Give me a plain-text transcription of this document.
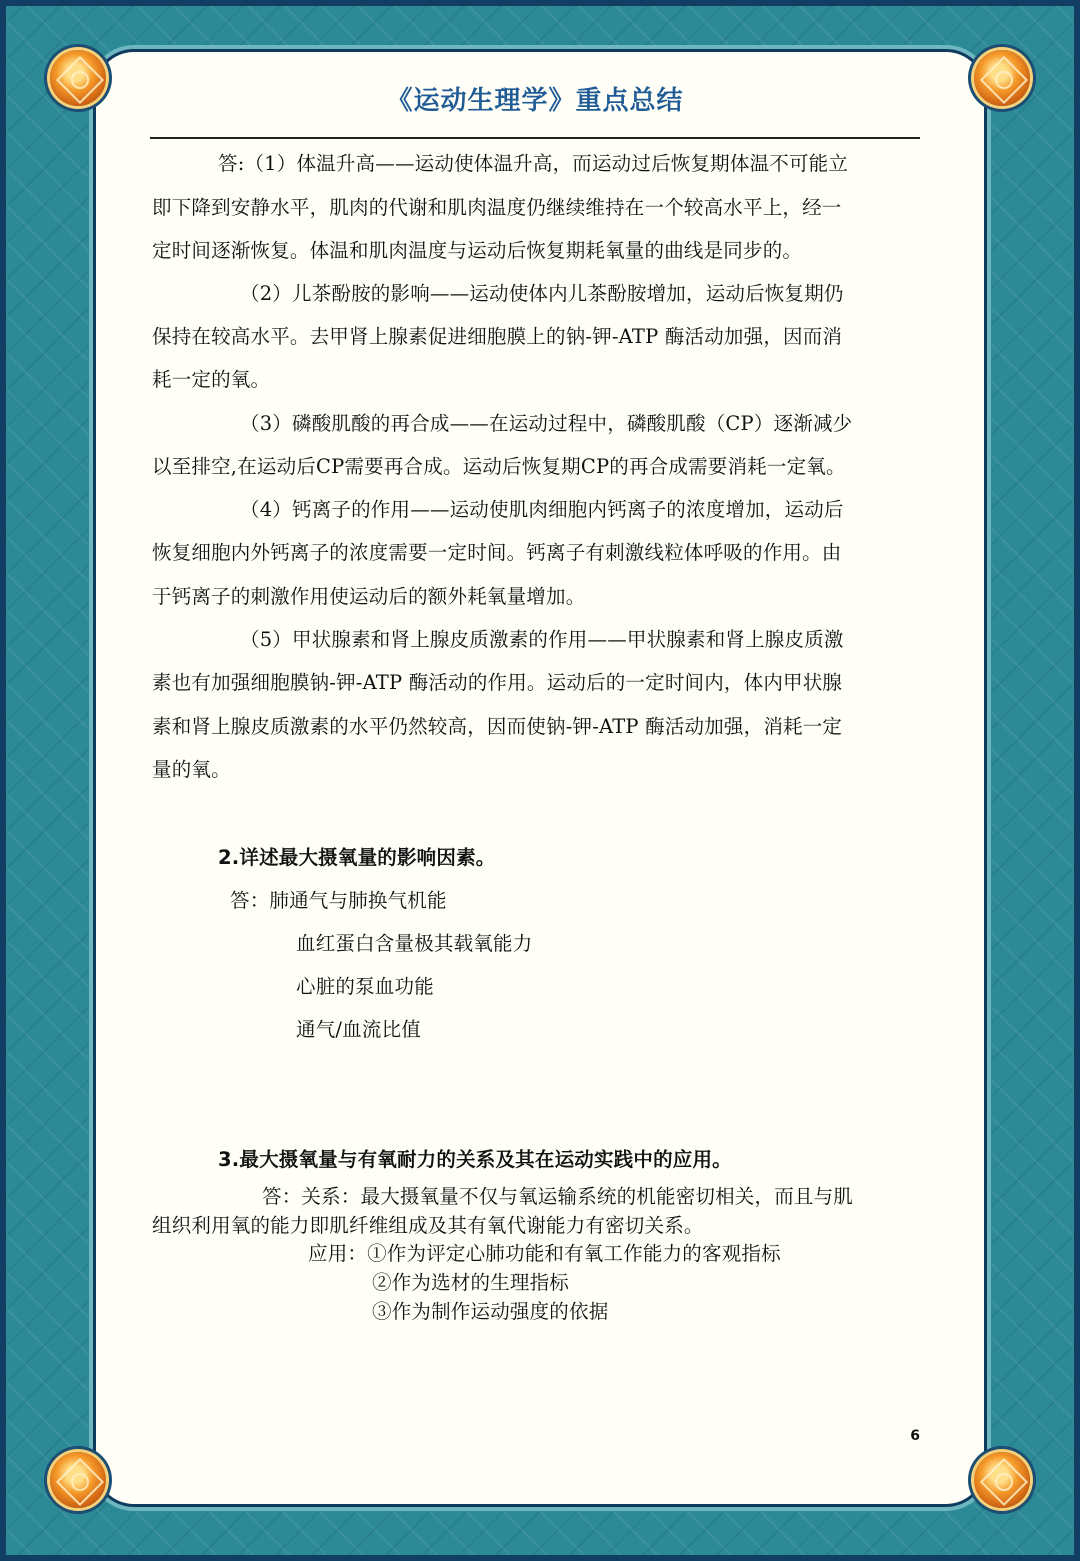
《运动生理学》重点总结
答:（1）体温升高——运动使体温升高，而运动过后恢复期体温不可能立
即下降到安静水平，肌肉的代谢和肌肉温度仍继续维持在一个较高水平上，经一
定时间逐渐恢复。体温和肌肉温度与运动后恢复期耗氧量的曲线是同步的。
（2）儿茶酚胺的影响——运动使体内儿茶酚胺增加，运动后恢复期仍
保持在较高水平。去甲肾上腺素促进细胞膜上的钠-钾-ATP 酶活动加强，因而消
耗一定的氧。
（3）磷酸肌酸的再合成——在运动过程中，磷酸肌酸（CP）逐渐减少
以至排空,在运动后CP需要再合成。运动后恢复期CP的再合成需要消耗一定氧。
（4）钙离子的作用——运动使肌肉细胞内钙离子的浓度增加，运动后
恢复细胞内外钙离子的浓度需要一定时间。钙离子有刺激线粒体呼吸的作用。由
于钙离子的刺激作用使运动后的额外耗氧量增加。
（5）甲状腺素和肾上腺皮质激素的作用——甲状腺素和肾上腺皮质激
素也有加强细胞膜钠-钾-ATP 酶活动的作用。运动后的一定时间内，体内甲状腺
素和肾上腺皮质激素的水平仍然较高，因而使钠-钾-ATP 酶活动加强，消耗一定
量的氧。
2.详述最大摄氧量的影响因素。
答：肺通气与肺换气机能
血红蛋白含量极其载氧能力
心脏的泵血功能
通气/血流比值
3.最大摄氧量与有氧耐力的关系及其在运动实践中的应用。
答：关系：最大摄氧量不仅与氧运输系统的机能密切相关，而且与肌
组织利用氧的能力即肌纤维组成及其有氧代谢能力有密切关系。
应用：①作为评定心肺功能和有氧工作能力的客观指标
②作为选材的生理指标
③作为制作运动强度的依据
6
